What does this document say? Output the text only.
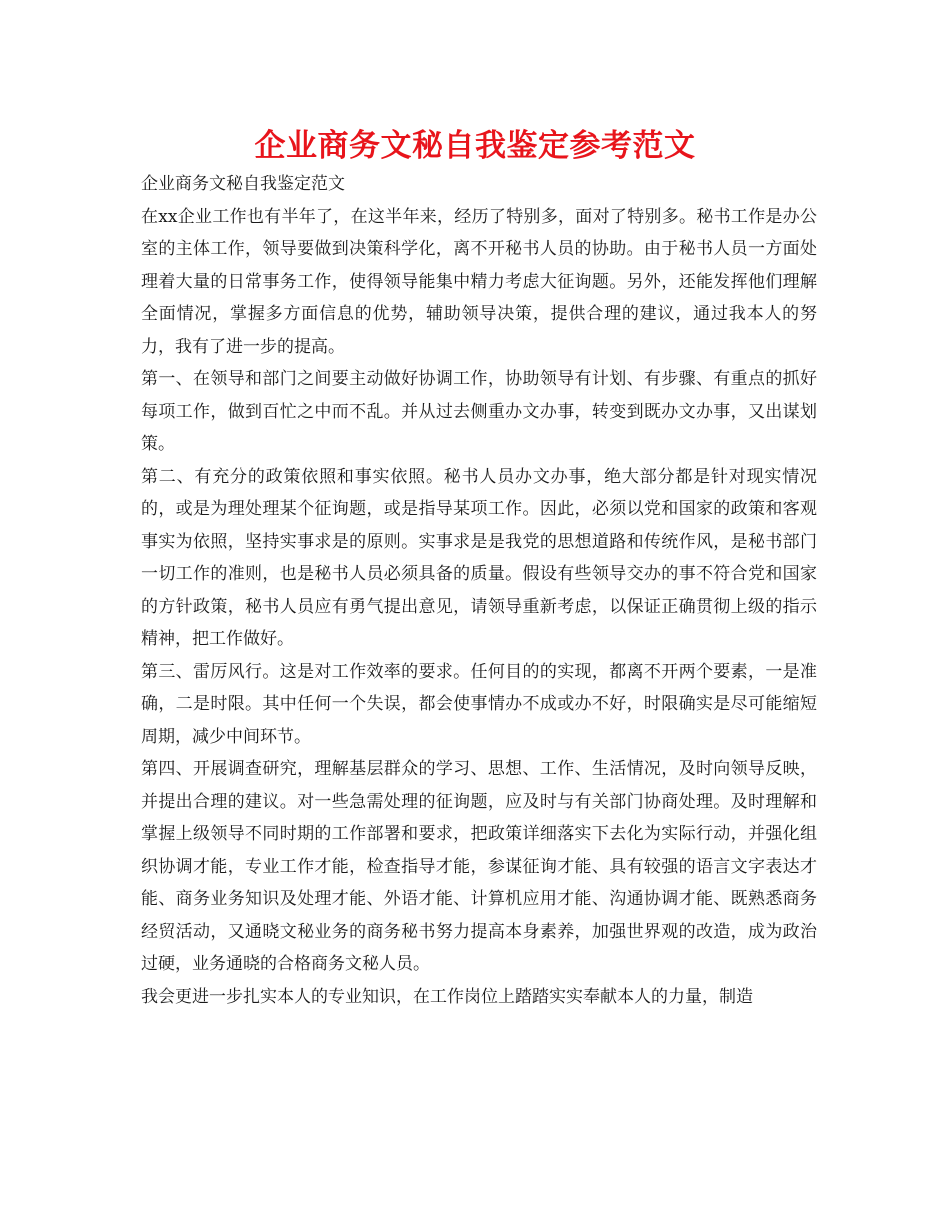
企业商务文秘自我鉴定参考范文

企业商务文秘自我鉴定范文

在xx企业工作也有半年了，在这半年来，经历了特别多，面对了特别多。秘书工作是办公室的主体工作，领导要做到决策科学化，离不开秘书人员的协助。由于秘书人员一方面处理着大量的日常事务工作，使得领导能集中精力考虑大征询题。另外，还能发挥他们理解全面情况，掌握多方面信息的优势，辅助领导决策，提供合理的建议，通过我本人的努力，我有了进一步的提高。

第一、在领导和部门之间要主动做好协调工作，协助领导有计划、有步骤、有重点的抓好每项工作，做到百忙之中而不乱。并从过去侧重办文办事，转变到既办文办事，又出谋划策。

第二、有充分的政策依照和事实依照。秘书人员办文办事，绝大部分都是针对现实情况的，或是为理处理某个征询题，或是指导某项工作。因此，必须以党和国家的政策和客观事实为依照，坚持实事求是的原则。实事求是是我党的思想道路和传统作风，是秘书部门一切工作的准则，也是秘书人员必须具备的质量。假设有些领导交办的事不符合党和国家的方针政策，秘书人员应有勇气提出意见，请领导重新考虑，以保证正确贯彻上级的指示精神，把工作做好。

第三、雷厉风行。这是对工作效率的要求。任何目的的实现，都离不开两个要素，一是准确，二是时限。其中任何一个失误，都会使事情办不成或办不好，时限确实是尽可能缩短周期，减少中间环节。

第四、开展调查研究，理解基层群众的学习、思想、工作、生活情况，及时向领导反映，并提出合理的建议。对一些急需处理的征询题，应及时与有关部门协商处理。及时理解和掌握上级领导不同时期的工作部署和要求，把政策详细落实下去化为实际行动，并强化组织协调才能，专业工作才能，检查指导才能，参谋征询才能、具有较强的语言文字表达才能、商务业务知识及处理才能、外语才能、计算机应用才能、沟通协调才能、既熟悉商务经贸活动，又通晓文秘业务的商务秘书努力提高本身素养，加强世界观的改造，成为政治过硬，业务通晓的合格商务文秘人员。

我会更进一步扎实本人的专业知识，在工作岗位上踏踏实实奉献本人的力量，制造
